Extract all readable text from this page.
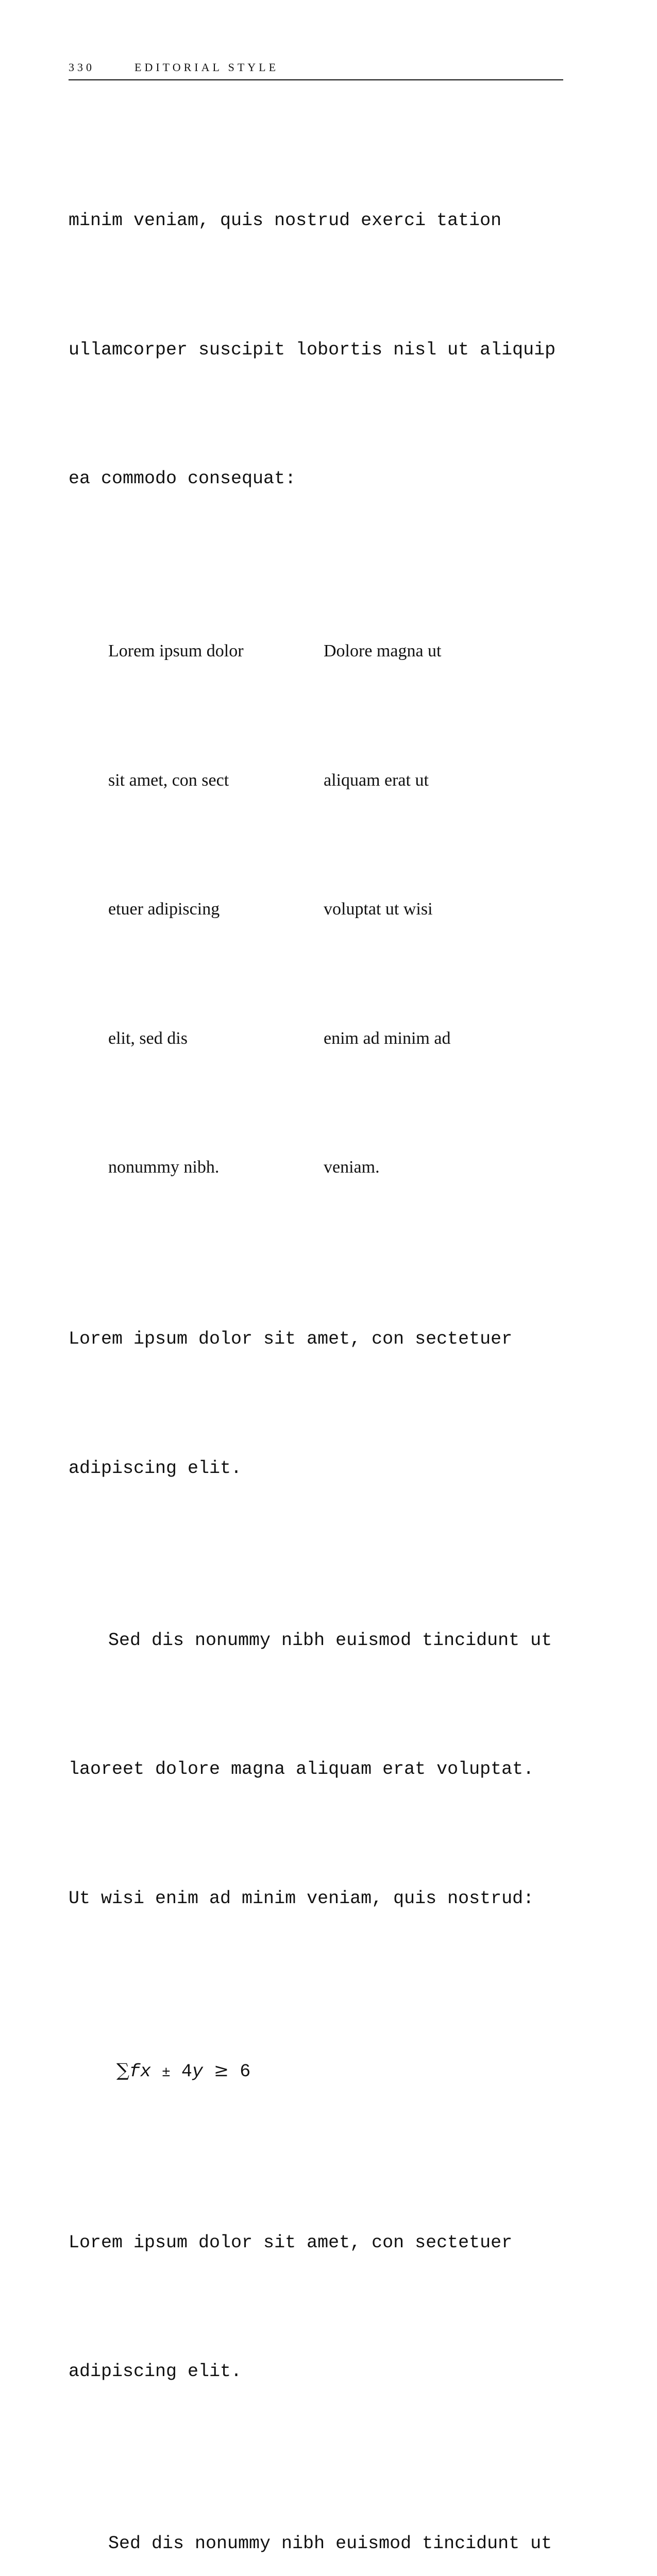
330	EDITORIAL STYLE

minim veniam, quis nostrud exerci tation

ullamcorper suscipit lobortis nisl ut aliquip

ea commodo consequat:

Lorem ipsum dolor	Dolore magna ut

sit amet, con sect	aliquam erat ut

etuer adipiscing	voluptat ut wisi

elit, sed dis	enim ad minim ad

nonummy nibh.	veniam.

Lorem ipsum dolor sit amet, con sectetuer

adipiscing elit.

Sed dis nonummy nibh euismod tincidunt ut

laoreet dolore magna aliquam erat voluptat.

Ut wisi enim ad minim veniam, quis nostrud:

∑fx ± 4y ≥ 6

Lorem ipsum dolor sit amet, con sectetuer

adipiscing elit.

Sed dis nonummy nibh euismod tincidunt ut
